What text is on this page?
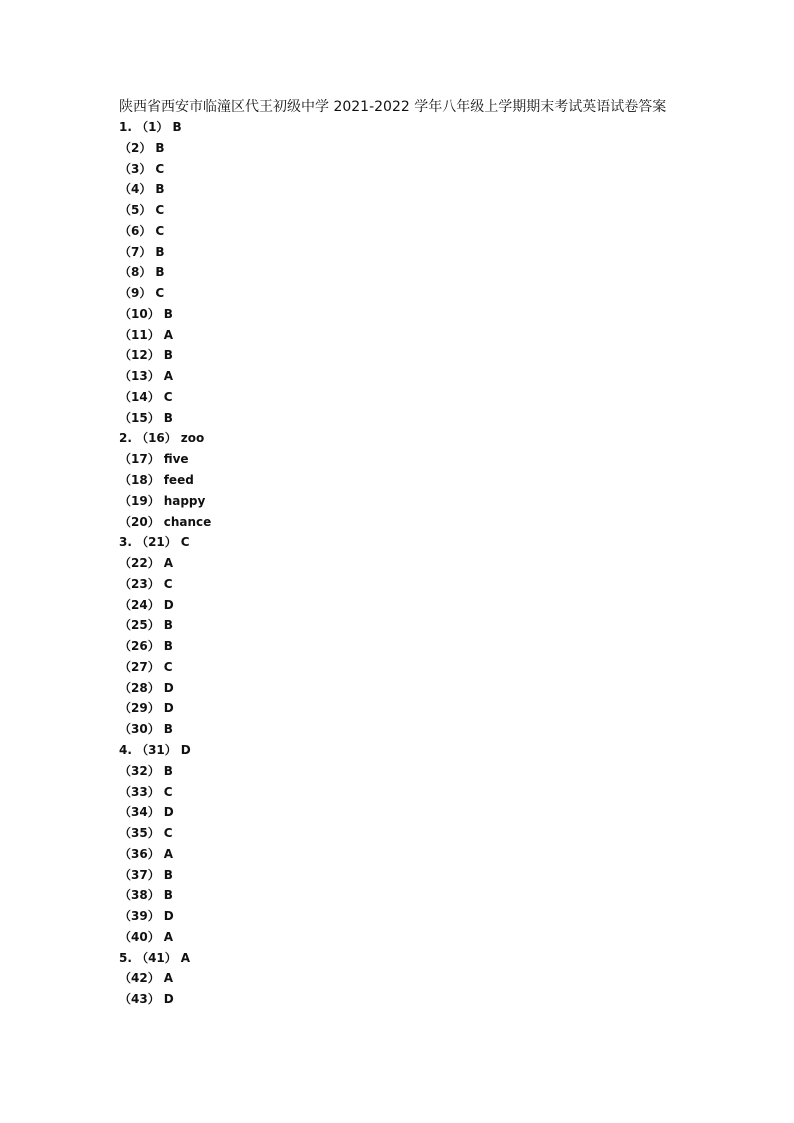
陕西省西安市临潼区代王初级中学 2021-2022 学年八年级上学期期末考试英语试卷答案
1. （1） B
（2） B
（3） C
（4） B
（5） C
（6） C
（7） B
（8） B
（9） C
（10） B
（11） A
（12） B
（13） A
（14） C
（15） B
2. （16） zoo
（17） five
（18） feed
（19） happy
（20） chance
3. （21） C
（22） A
（23） C
（24） D
（25） B
（26） B
（27） C
（28） D
（29） D
（30） B
4. （31） D
（32） B
（33） C
（34） D
（35） C
（36） A
（37） B
（38） B
（39） D
（40） A
5. （41） A
（42） A
（43） D
